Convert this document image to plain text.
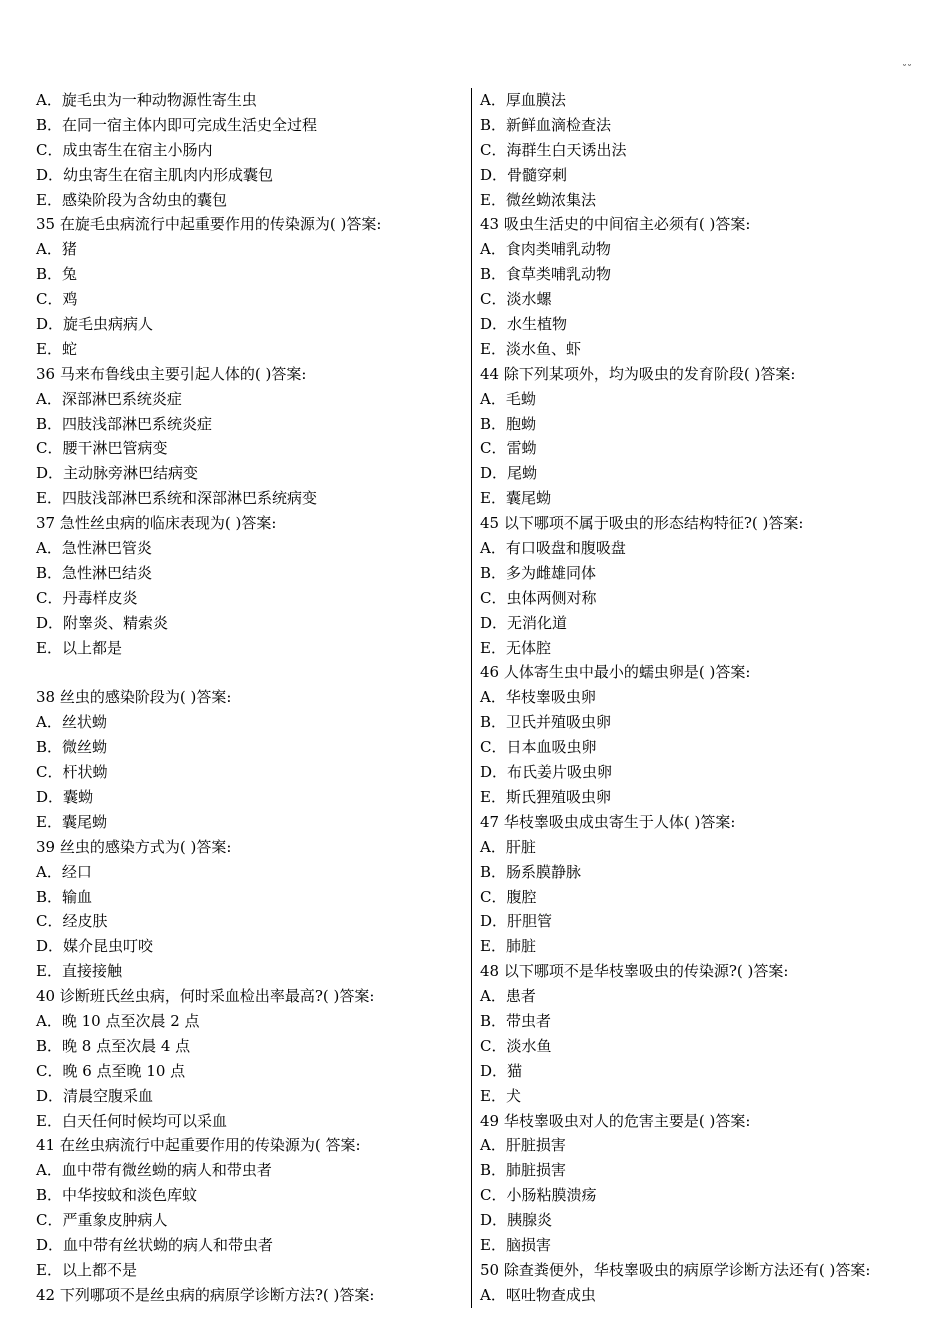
˘˘
A．旋毛虫为一种动物源性寄生虫
B．在同一宿主体内即可完成生活史全过程
C．成虫寄生在宿主小肠内
D．幼虫寄生在宿主肌肉内形成囊包
E．感染阶段为含幼虫的囊包
35 在旋毛虫病流行中起重要作用的传染源为( )答案:
A．猪
B．兔
C．鸡
D．旋毛虫病病人
E．蛇
36 马来布鲁线虫主要引起人体的( )答案:
A．深部淋巴系统炎症
B．四肢浅部淋巴系统炎症
C．腰干淋巴管病变
D．主动脉旁淋巴结病变
E．四肢浅部淋巴系统和深部淋巴系统病变
37 急性丝虫病的临床表现为( )答案:
A．急性淋巴管炎
B．急性淋巴结炎
C．丹毒样皮炎
D．附睾炎、精索炎
E．以上都是
38 丝虫的感染阶段为( )答案:
A．丝状蚴
B．微丝蚴
C．杆状蚴
D．囊蚴
E．囊尾蚴
39 丝虫的感染方式为( )答案:
A．经口
B．输血
C．经皮肤
D．媒介昆虫叮咬
E．直接接触
40 诊断班氏丝虫病，何时采血检出率最高?( )答案:
A．晚 10 点至次晨 2 点
B．晚 8 点至次晨 4 点
C．晚 6 点至晚 10 点
D．清晨空腹采血
E．白天任何时候均可以采血
41 在丝虫病流行中起重要作用的传染源为( 答案:
A．血中带有微丝蚴的病人和带虫者
B．中华按蚊和淡色库蚊
C．严重象皮肿病人
D．血中带有丝状蚴的病人和带虫者
E．以上都不是
42 下列哪项不是丝虫病的病原学诊断方法?( )答案:
A．厚血膜法
B．新鲜血滴检查法
C．海群生白天诱出法
D．骨髓穿刺
E．微丝蚴浓集法
43 吸虫生活史的中间宿主必须有( )答案:
A．食肉类哺乳动物
B．食草类哺乳动物
C．淡水螺
D．水生植物
E．淡水鱼、虾
44 除下列某项外，均为吸虫的发育阶段( )答案:
A．毛蚴
B．胞蚴
C．雷蚴
D．尾蚴
E．囊尾蚴
45 以下哪项不属于吸虫的形态结构特征?( )答案:
A．有口吸盘和腹吸盘
B．多为雌雄同体
C．虫体两侧对称
D．无消化道
E．无体腔
46 人体寄生虫中最小的蠕虫卵是( )答案:
A．华枝睾吸虫卵
B．卫氏并殖吸虫卵
C．日本血吸虫卵
D．布氏姜片吸虫卵
E．斯氏狸殖吸虫卵
47 华枝睾吸虫成虫寄生于人体( )答案:
A．肝脏
B．肠系膜静脉
C．腹腔
D．肝胆管
E．肺脏
48 以下哪项不是华枝睾吸虫的传染源?( )答案:
A．患者
B．带虫者
C．淡水鱼
D．猫
E．犬
49 华枝睾吸虫对人的危害主要是( )答案:
A．肝脏损害
B．肺脏损害
C．小肠粘膜溃疡
D．胰腺炎
E．脑损害
50 除查粪便外，华枝睾吸虫的病原学诊断方法还有( )答案:
A．呕吐物查成虫
